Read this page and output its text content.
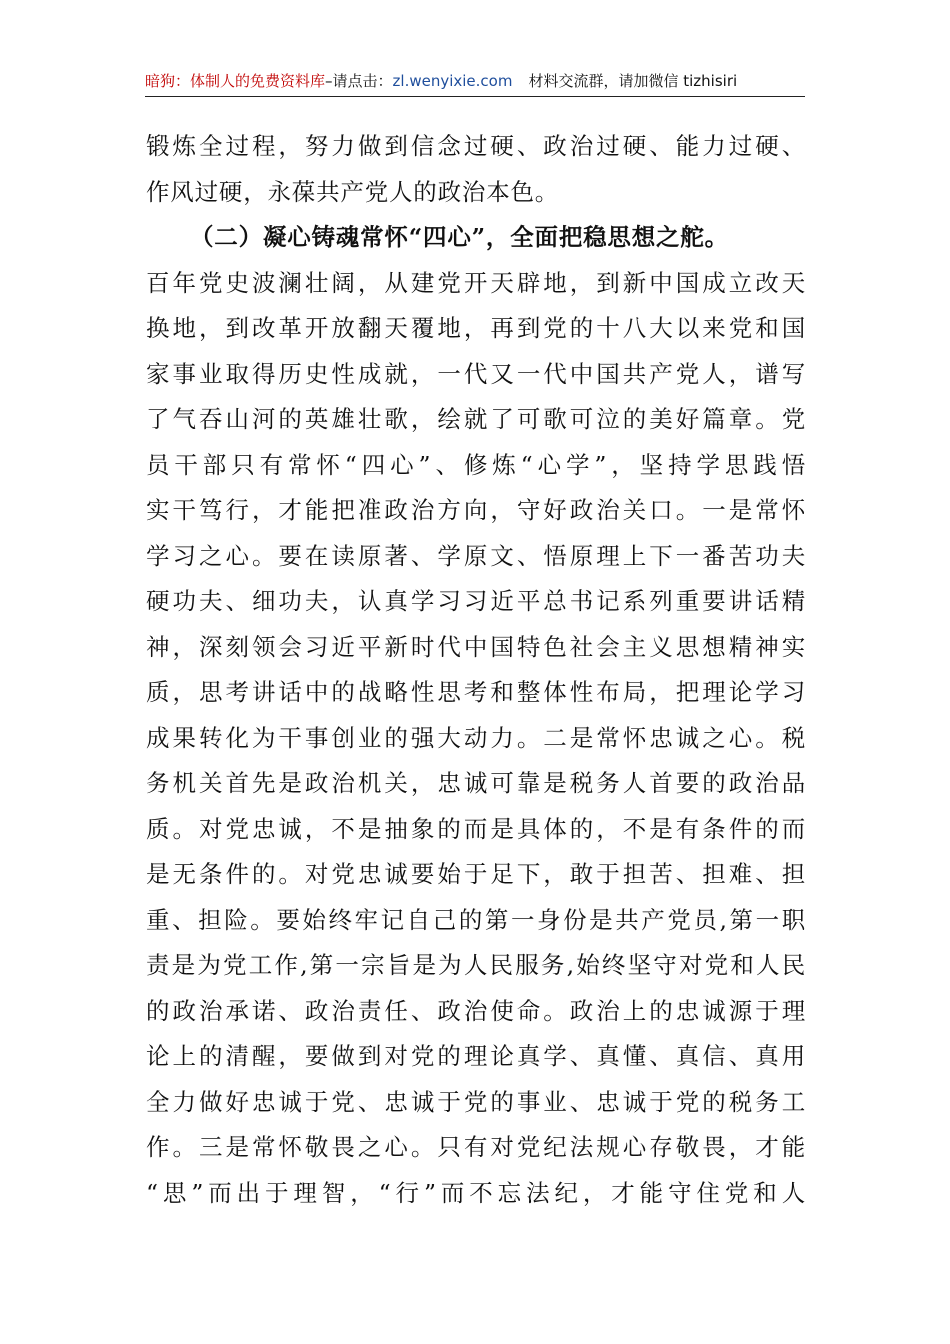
暗狗：体制人的免费资料库–请点击：zl.wenyixie.com 材料交流群，请加微信 tizhisiri
锻炼全过程，努力做到信念过硬、政治过硬、能力过硬、
作风过硬，永葆共产党人的政治本色。
（二）凝心铸魂常怀“四心”，全面把稳思想之舵。
百年党史波澜壮阔，从建党开天辟地，到新中国成立改天
换地，到改革开放翻天覆地，再到党的十八大以来党和国
家事业取得历史性成就，一代又一代中国共产党人，谱写
了气吞山河的英雄壮歌，绘就了可歌可泣的美好篇章。党
员干部只有常怀“四心”、修炼“心学”，坚持学思践悟
实干笃行，才能把准政治方向，守好政治关口。一是常怀
学习之心。要在读原著、学原文、悟原理上下一番苦功夫
硬功夫、细功夫，认真学习习近平总书记系列重要讲话精
神，深刻领会习近平新时代中国特色社会主义思想精神实
质，思考讲话中的战略性思考和整体性布局，把理论学习
成果转化为干事创业的强大动力。二是常怀忠诚之心。税
务机关首先是政治机关，忠诚可靠是税务人首要的政治品
质。对党忠诚，不是抽象的而是具体的，不是有条件的而
是无条件的。对党忠诚要始于足下，敢于担苦、担难、担
重、担险。要始终牢记自己的第一身份是共产党员,第一职
责是为党工作,第一宗旨是为人民服务,始终坚守对党和人民
的政治承诺、政治责任、政治使命。政治上的忠诚源于理
论上的清醒，要做到对党的理论真学、真懂、真信、真用
全力做好忠诚于党、忠诚于党的事业、忠诚于党的税务工
作。三是常怀敬畏之心。只有对党纪法规心存敬畏，才能
“思”而出于理智，“行”而不忘法纪，才能守住党和人
